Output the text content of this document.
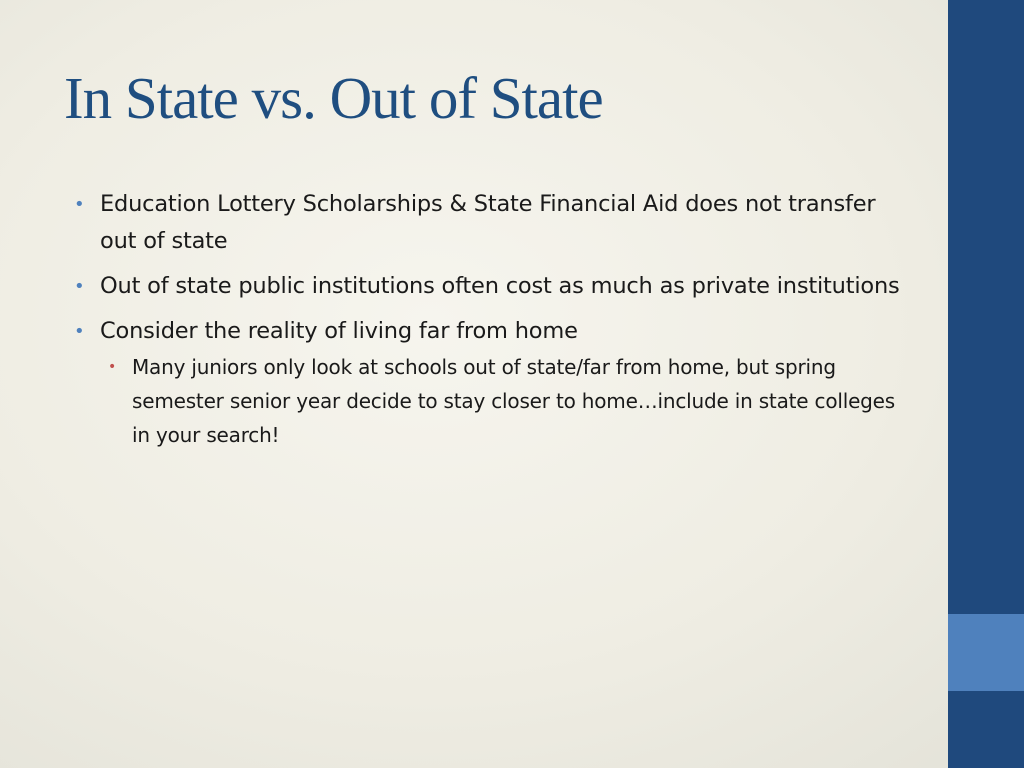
In State vs. Out of State
• Education Lottery Scholarships & State Financial Aid does not transfer out of state
• Out of state public institutions often cost as much as private institutions
• Consider the reality of living far from home
• Many juniors only look at schools out of state/far from home, but spring semester senior year decide to stay closer to home…include in state colleges in your search!
